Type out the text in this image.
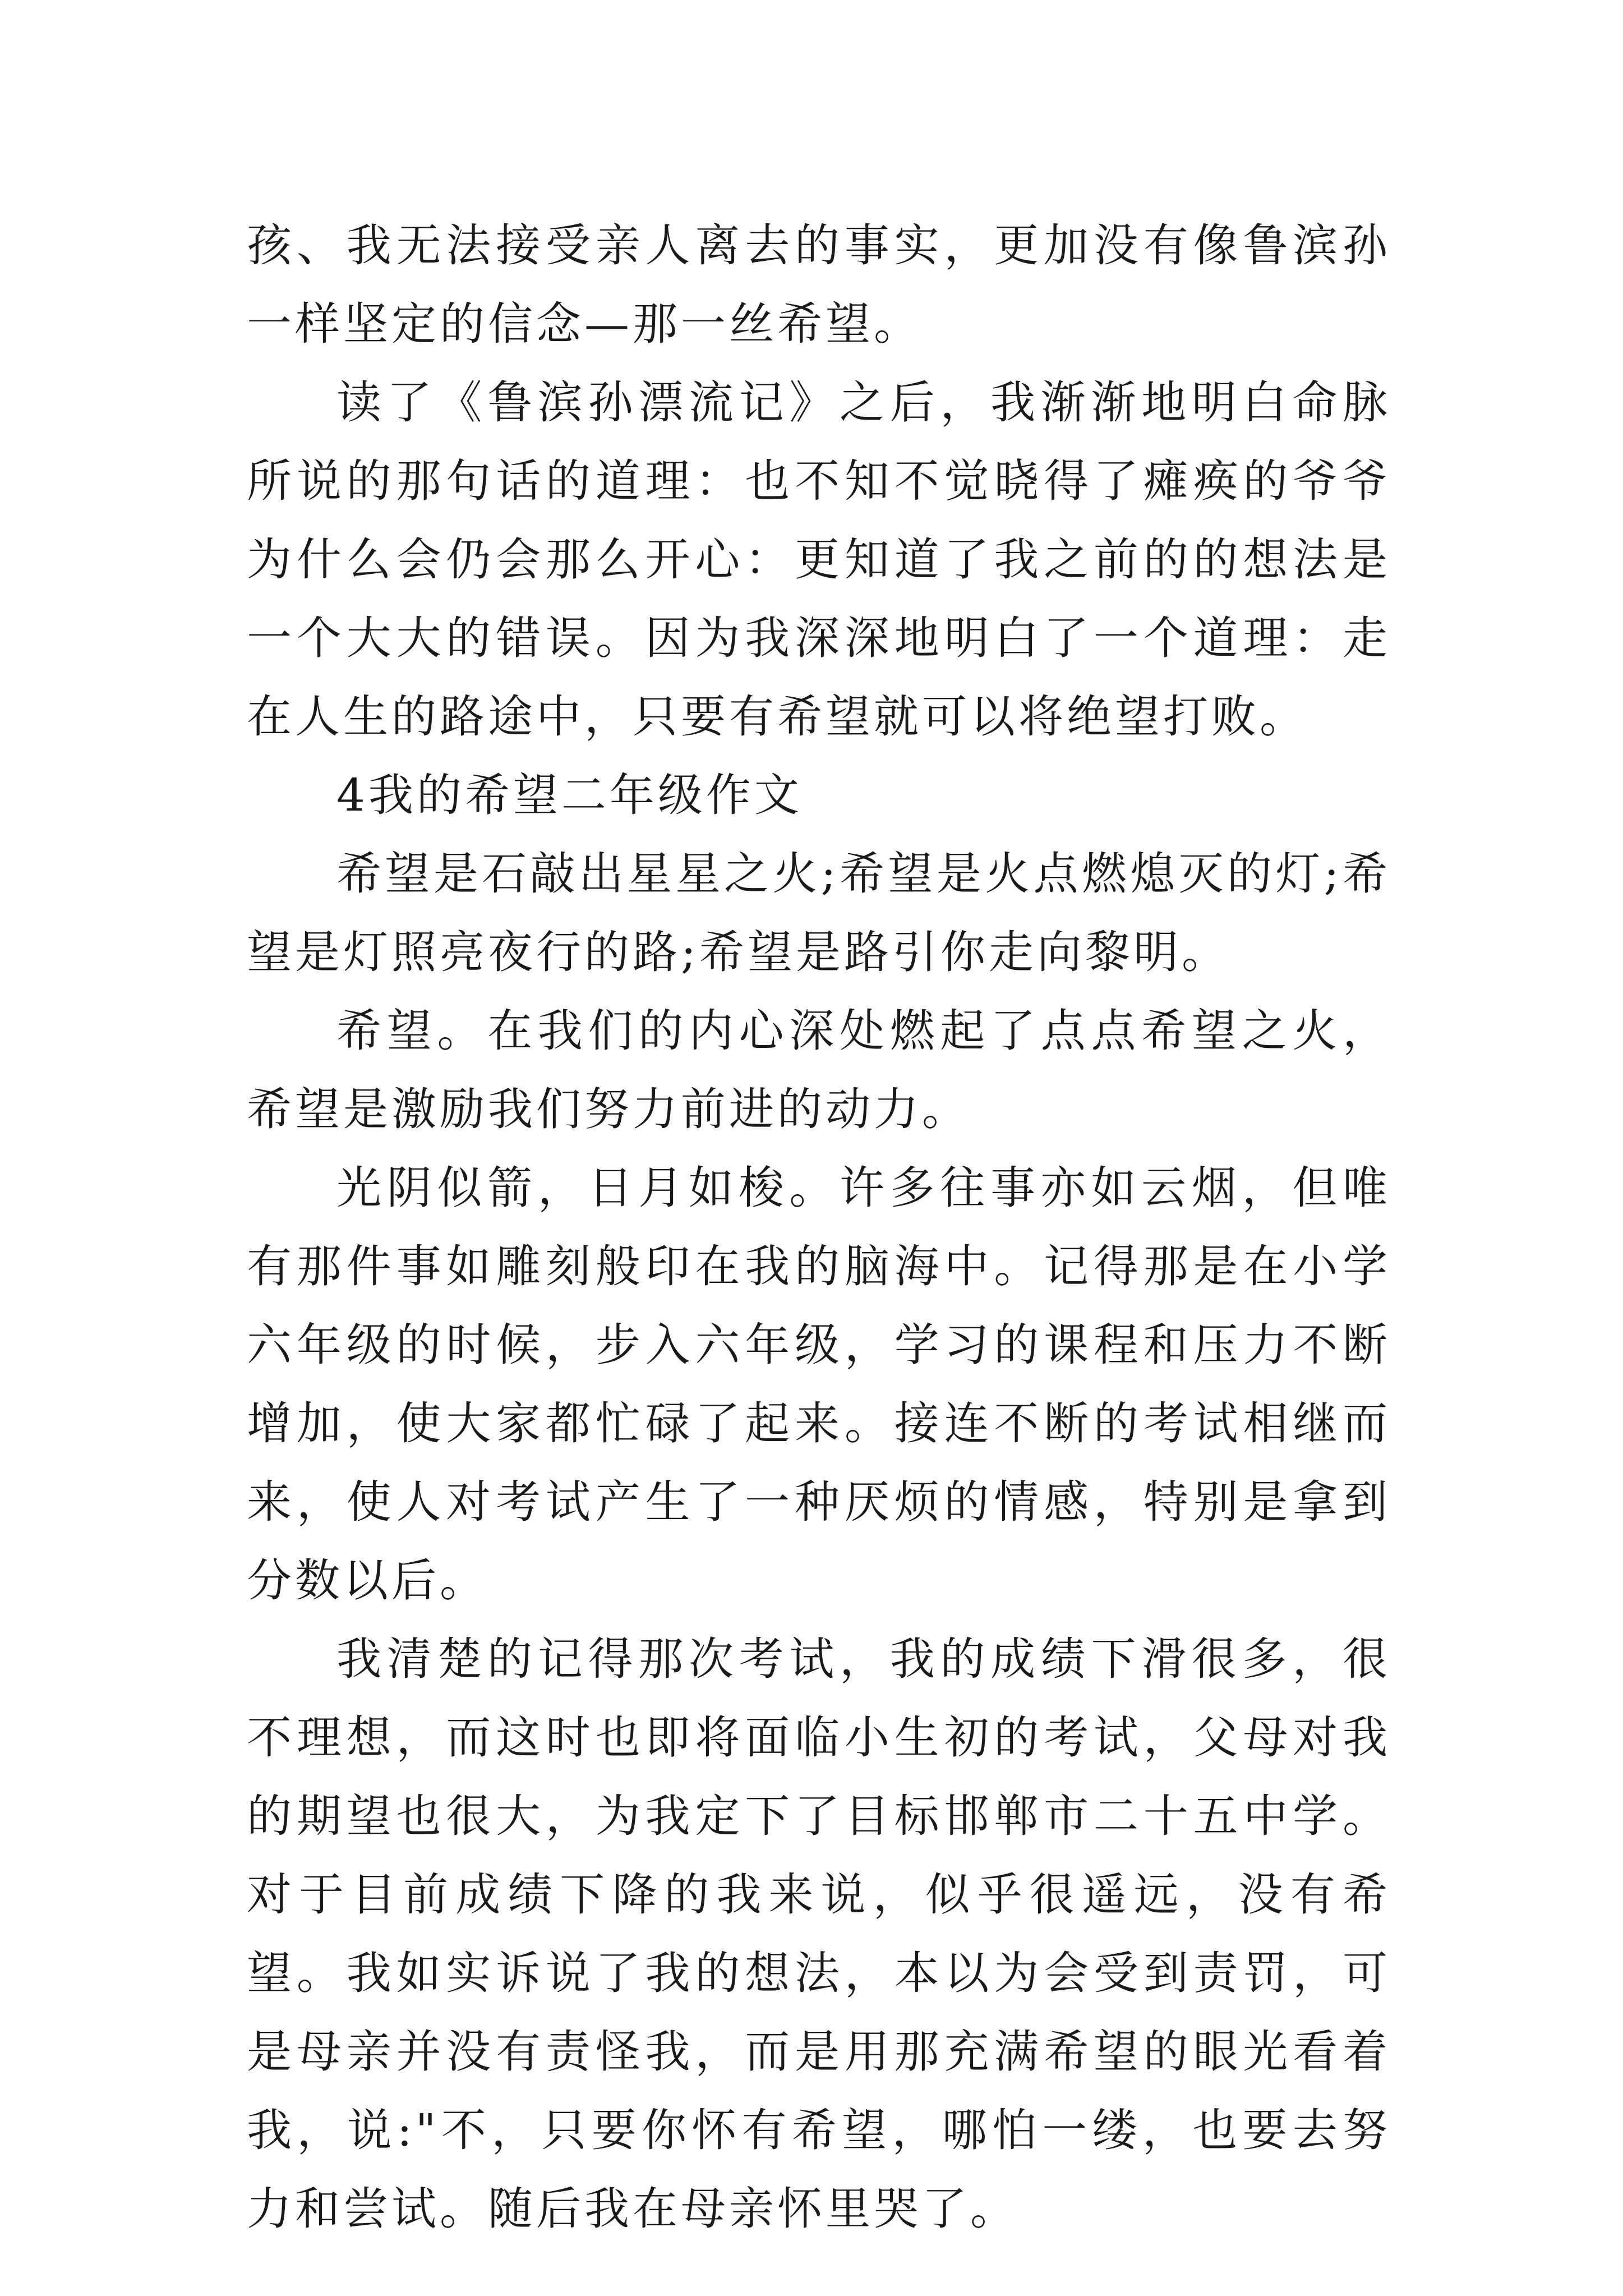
孩、我无法接受亲人离去的事实，更加没有像鲁滨孙一样坚定的信念—那一丝希望。

读了《鲁滨孙漂流记》之后，我渐渐地明白命脉所说的那句话的道理：也不知不觉晓得了瘫痪的爷爷为什么会仍会那么开心：更知道了我之前的的想法是一个大大的错误。因为我深深地明白了一个道理：走在人生的路途中，只要有希望就可以将绝望打败。

4我的希望二年级作文

希望是石敲出星星之火;希望是火点燃熄灭的灯;希望是灯照亮夜行的路;希望是路引你走向黎明。

希望。在我们的内心深处燃起了点点希望之火，希望是激励我们努力前进的动力。

光阴似箭，日月如梭。许多往事亦如云烟，但唯有那件事如雕刻般印在我的脑海中。记得那是在小学六年级的时候，步入六年级，学习的课程和压力不断增加，使大家都忙碌了起来。接连不断的考试相继而来，使人对考试产生了一种厌烦的情感，特别是拿到分数以后。

我清楚的记得那次考试，我的成绩下滑很多，很不理想，而这时也即将面临小生初的考试，父母对我的期望也很大，为我定下了目标邯郸市二十五中学。对于目前成绩下降的我来说，似乎很遥远，没有希望。我如实诉说了我的想法，本以为会受到责罚，可是母亲并没有责怪我，而是用那充满希望的眼光看着我，说:"不，只要你怀有希望，哪怕一缕，也要去努力和尝试。随后我在母亲怀里哭了。
